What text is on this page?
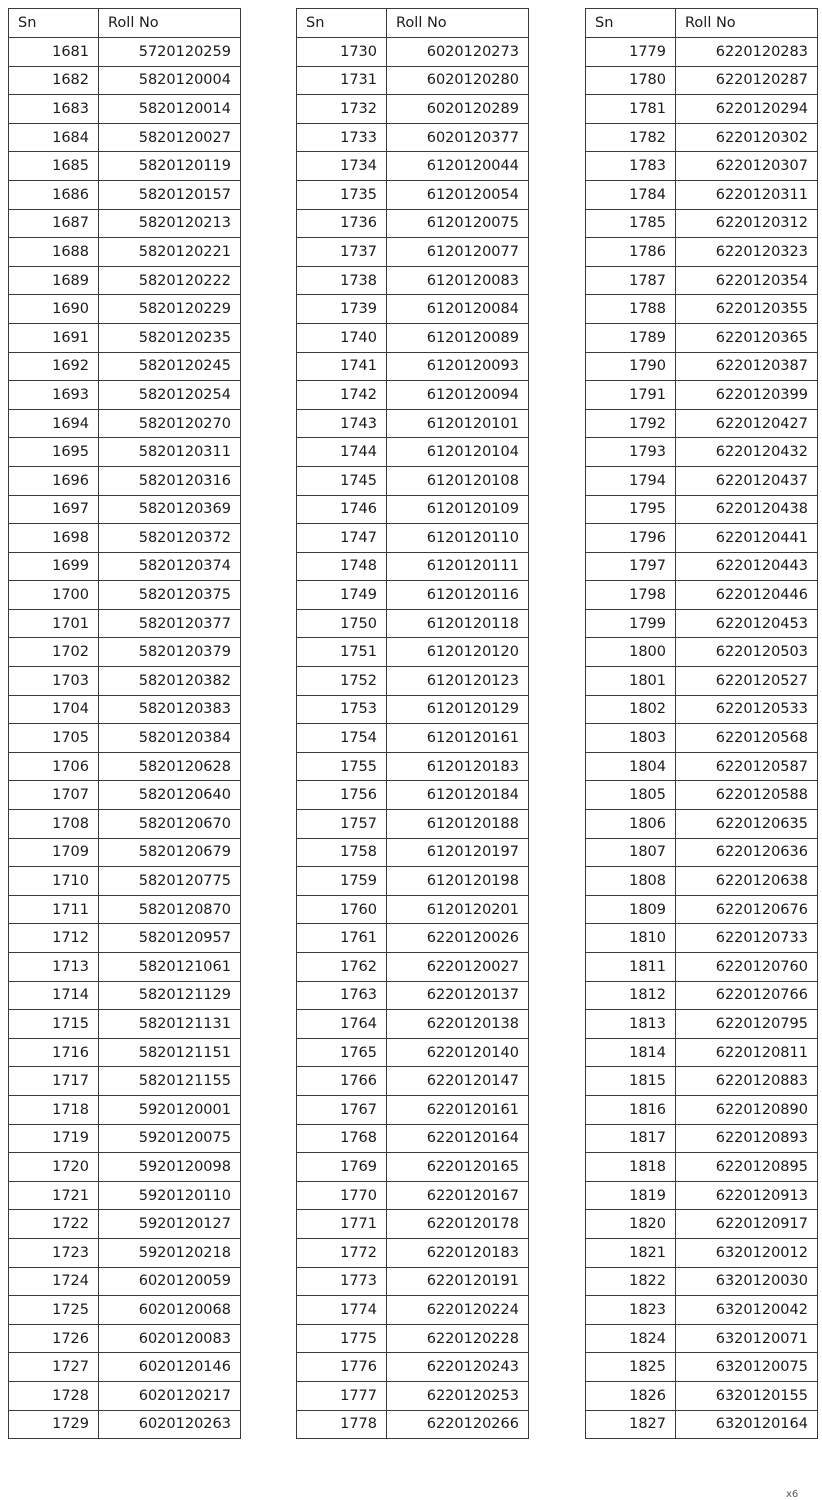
Sn	Roll No
1681	5720120259
1682	5820120004
1683	5820120014
1684	5820120027
1685	5820120119
1686	5820120157
1687	5820120213
1688	5820120221
1689	5820120222
1690	5820120229
1691	5820120235
1692	5820120245
1693	5820120254
1694	5820120270
1695	5820120311
1696	5820120316
1697	5820120369
1698	5820120372
1699	5820120374
1700	5820120375
1701	5820120377
1702	5820120379
1703	5820120382
1704	5820120383
1705	5820120384
1706	5820120628
1707	5820120640
1708	5820120670
1709	5820120679
1710	5820120775
1711	5820120870
1712	5820120957
1713	5820121061
1714	5820121129
1715	5820121131
1716	5820121151
1717	5820121155
1718	5920120001
1719	5920120075
1720	5920120098
1721	5920120110
1722	5920120127
1723	5920120218
1724	6020120059
1725	6020120068
1726	6020120083
1727	6020120146
1728	6020120217
1729	6020120263
Sn	Roll No
1730	6020120273
1731	6020120280
1732	6020120289
1733	6020120377
1734	6120120044
1735	6120120054
1736	6120120075
1737	6120120077
1738	6120120083
1739	6120120084
1740	6120120089
1741	6120120093
1742	6120120094
1743	6120120101
1744	6120120104
1745	6120120108
1746	6120120109
1747	6120120110
1748	6120120111
1749	6120120116
1750	6120120118
1751	6120120120
1752	6120120123
1753	6120120129
1754	6120120161
1755	6120120183
1756	6120120184
1757	6120120188
1758	6120120197
1759	6120120198
1760	6120120201
1761	6220120026
1762	6220120027
1763	6220120137
1764	6220120138
1765	6220120140
1766	6220120147
1767	6220120161
1768	6220120164
1769	6220120165
1770	6220120167
1771	6220120178
1772	6220120183
1773	6220120191
1774	6220120224
1775	6220120228
1776	6220120243
1777	6220120253
1778	6220120266
Sn	Roll No
1779	6220120283
1780	6220120287
1781	6220120294
1782	6220120302
1783	6220120307
1784	6220120311
1785	6220120312
1786	6220120323
1787	6220120354
1788	6220120355
1789	6220120365
1790	6220120387
1791	6220120399
1792	6220120427
1793	6220120432
1794	6220120437
1795	6220120438
1796	6220120441
1797	6220120443
1798	6220120446
1799	6220120453
1800	6220120503
1801	6220120527
1802	6220120533
1803	6220120568
1804	6220120587
1805	6220120588
1806	6220120635
1807	6220120636
1808	6220120638
1809	6220120676
1810	6220120733
1811	6220120760
1812	6220120766
1813	6220120795
1814	6220120811
1815	6220120883
1816	6220120890
1817	6220120893
1818	6220120895
1819	6220120913
1820	6220120917
1821	6320120012
1822	6320120030
1823	6320120042
1824	6320120071
1825	6320120075
1826	6320120155
1827	6320120164
x6
